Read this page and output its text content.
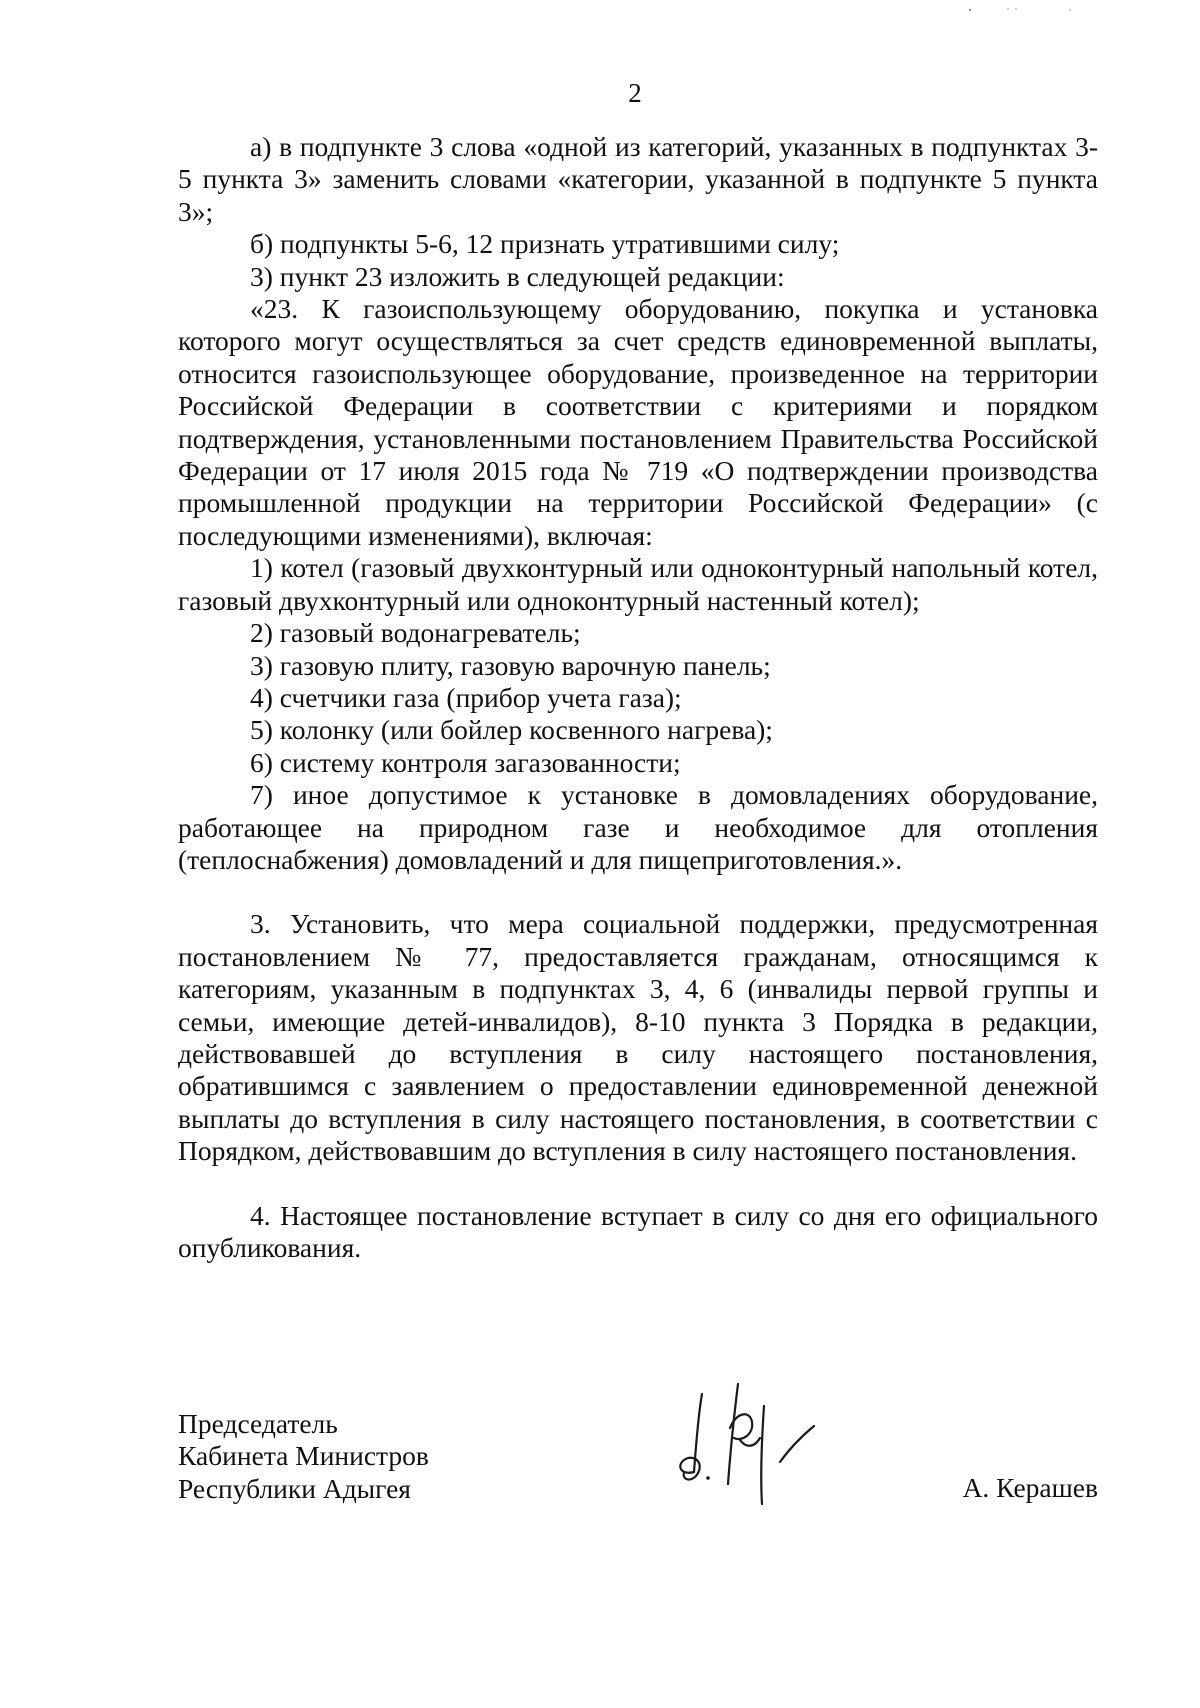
2

а) в подпункте 3 слова «одной из категорий, указанных в подпунктах 3-5 пункта 3» заменить словами «категории, указанной в подпункте 5 пункта 3»;

б) подпункты 5-6, 12 признать утратившими силу;

3) пункт 23 изложить в следующей редакции:

«23. К газоиспользующему оборудованию, покупка и установка которого могут осуществляться за счет средств единовременной выплаты, относится газоиспользующее оборудование, произведенное на территории Российской Федерации в соответствии с критериями и порядком подтверждения, установленными постановлением Правительства Российской Федерации от 17 июля 2015 года № 719 «О подтверждении производства промышленной продукции на территории Российской Федерации» (с последующими изменениями), включая:

1) котел (газовый двухконтурный или одноконтурный напольный котел, газовый двухконтурный или одноконтурный настенный котел);

2) газовый водонагреватель;

3) газовую плиту, газовую варочную панель;

4) счетчики газа (прибор учета газа);

5) колонку (или бойлер косвенного нагрева);

6) систему контроля загазованности;

7) иное допустимое к установке в домовладениях оборудование, работающее на природном газе и необходимое для отопления (теплоснабжения) домовладений и для пищеприготовления.».

3. Установить, что мера социальной поддержки, предусмотренная постановлением № 77, предоставляется гражданам, относящимся к категориям, указанным в подпунктах 3, 4, 6 (инвалиды первой группы и семьи, имеющие детей-инвалидов), 8-10 пункта 3 Порядка в редакции, действовавшей до вступления в силу настоящего постановления, обратившимся с заявлением о предоставлении единовременной денежной выплаты до вступления в силу настоящего постановления, в соответствии с Порядком, действовавшим до вступления в силу настоящего постановления.

4. Настоящее постановление вступает в силу со дня его официального опубликования.

Председатель
Кабинета Министров
Республики Адыгея	А. Керашев
